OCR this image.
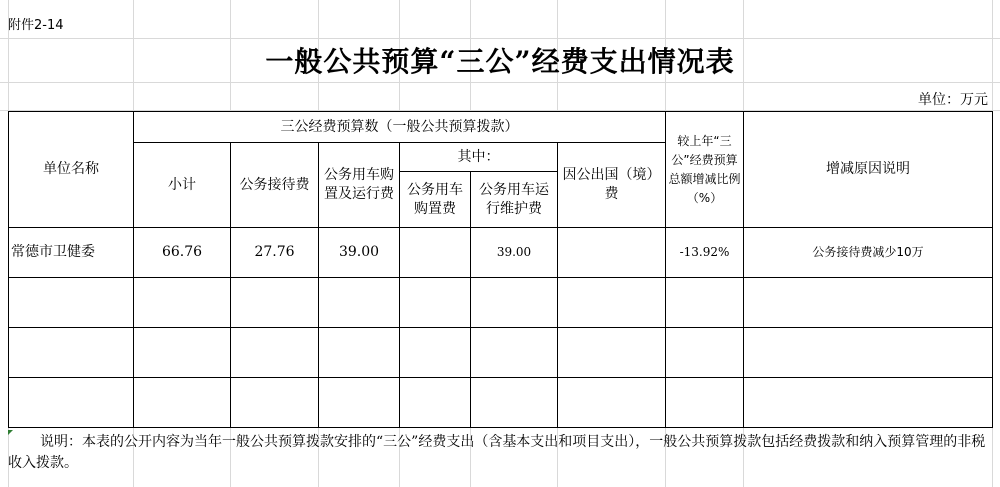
附件2-14
一般公共预算“三公”经费支出情况表
单位：万元
单位名称	三公经费预算数（一般公共预算拨款）						较上年“三公”经费预算总额增减比例（%）	增减原因说明
	小计	公务接待费	公务用车购置及运行费	其中：		因公出国（境）费		
				公务用车购置费	公务用车运行维护费			
常德市卫健委	66.76	27.76	39.00		39.00		-13.92%	公务接待费减少10万

说明：本表的公开内容为当年一般公共预算拨款安排的“三公”经费支出（含基本支出和项目支出），一般公共预算拨款包括经费拨款和纳入预算管理的非税收入拨款。
